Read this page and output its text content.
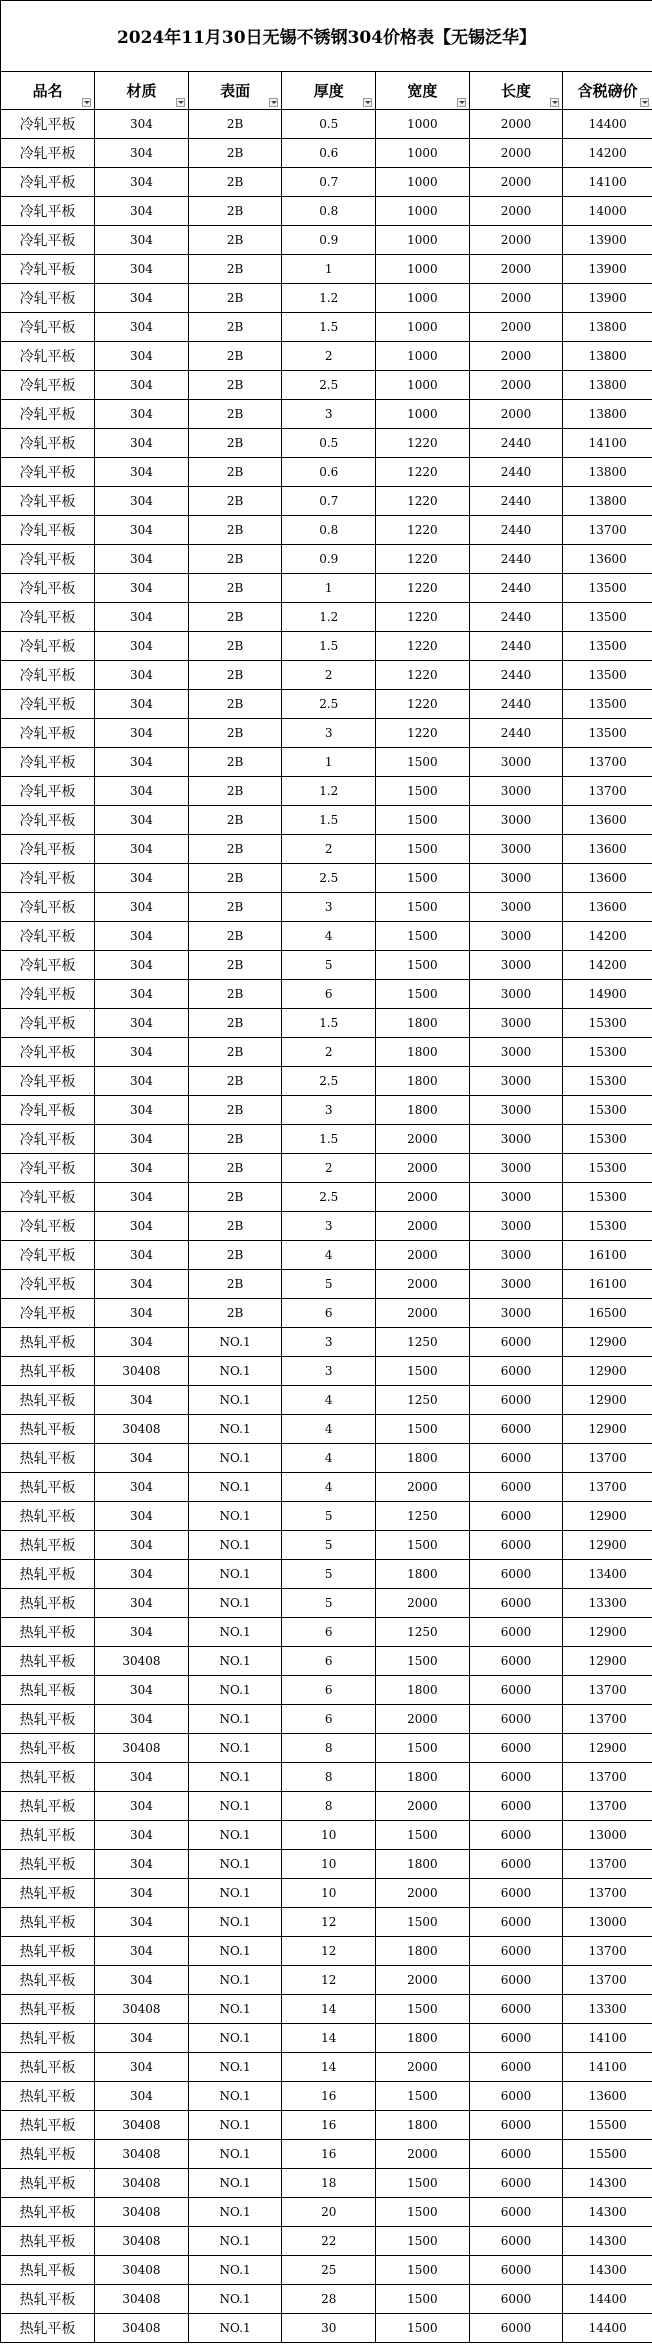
2024年11月30日无锡不锈钢304价格表【无锡泛华】
品名	材质	表面	厚度	宽度	长度	含税磅价

冷轧平板	304	2B	0.5	1000	2000	14400
冷轧平板	304	2B	0.6	1000	2000	14200
冷轧平板	304	2B	0.7	1000	2000	14100
冷轧平板	304	2B	0.8	1000	2000	14000
冷轧平板	304	2B	0.9	1000	2000	13900
冷轧平板	304	2B	1	1000	2000	13900
冷轧平板	304	2B	1.2	1000	2000	13900
冷轧平板	304	2B	1.5	1000	2000	13800
冷轧平板	304	2B	2	1000	2000	13800
冷轧平板	304	2B	2.5	1000	2000	13800
冷轧平板	304	2B	3	1000	2000	13800
冷轧平板	304	2B	0.5	1220	2440	14100
冷轧平板	304	2B	0.6	1220	2440	13800
冷轧平板	304	2B	0.7	1220	2440	13800
冷轧平板	304	2B	0.8	1220	2440	13700
冷轧平板	304	2B	0.9	1220	2440	13600
冷轧平板	304	2B	1	1220	2440	13500
冷轧平板	304	2B	1.2	1220	2440	13500
冷轧平板	304	2B	1.5	1220	2440	13500
冷轧平板	304	2B	2	1220	2440	13500
冷轧平板	304	2B	2.5	1220	2440	13500
冷轧平板	304	2B	3	1220	2440	13500
冷轧平板	304	2B	1	1500	3000	13700
冷轧平板	304	2B	1.2	1500	3000	13700
冷轧平板	304	2B	1.5	1500	3000	13600
冷轧平板	304	2B	2	1500	3000	13600
冷轧平板	304	2B	2.5	1500	3000	13600
冷轧平板	304	2B	3	1500	3000	13600
冷轧平板	304	2B	4	1500	3000	14200
冷轧平板	304	2B	5	1500	3000	14200
冷轧平板	304	2B	6	1500	3000	14900
冷轧平板	304	2B	1.5	1800	3000	15300
冷轧平板	304	2B	2	1800	3000	15300
冷轧平板	304	2B	2.5	1800	3000	15300
冷轧平板	304	2B	3	1800	3000	15300
冷轧平板	304	2B	1.5	2000	3000	15300
冷轧平板	304	2B	2	2000	3000	15300
冷轧平板	304	2B	2.5	2000	3000	15300
冷轧平板	304	2B	3	2000	3000	15300
冷轧平板	304	2B	4	2000	3000	16100
冷轧平板	304	2B	5	2000	3000	16100
冷轧平板	304	2B	6	2000	3000	16500
热轧平板	304	NO.1	3	1250	6000	12900
热轧平板	30408	NO.1	3	1500	6000	12900
热轧平板	304	NO.1	4	1250	6000	12900
热轧平板	30408	NO.1	4	1500	6000	12900
热轧平板	304	NO.1	4	1800	6000	13700
热轧平板	304	NO.1	4	2000	6000	13700
热轧平板	304	NO.1	5	1250	6000	12900
热轧平板	304	NO.1	5	1500	6000	12900
热轧平板	304	NO.1	5	1800	6000	13400
热轧平板	304	NO.1	5	2000	6000	13300
热轧平板	304	NO.1	6	1250	6000	12900
热轧平板	30408	NO.1	6	1500	6000	12900
热轧平板	304	NO.1	6	1800	6000	13700
热轧平板	304	NO.1	6	2000	6000	13700
热轧平板	30408	NO.1	8	1500	6000	12900
热轧平板	304	NO.1	8	1800	6000	13700
热轧平板	304	NO.1	8	2000	6000	13700
热轧平板	304	NO.1	10	1500	6000	13000
热轧平板	304	NO.1	10	1800	6000	13700
热轧平板	304	NO.1	10	2000	6000	13700
热轧平板	304	NO.1	12	1500	6000	13000
热轧平板	304	NO.1	12	1800	6000	13700
热轧平板	304	NO.1	12	2000	6000	13700
热轧平板	30408	NO.1	14	1500	6000	13300
热轧平板	304	NO.1	14	1800	6000	14100
热轧平板	304	NO.1	14	2000	6000	14100
热轧平板	304	NO.1	16	1500	6000	13600
热轧平板	30408	NO.1	16	1800	6000	15500
热轧平板	30408	NO.1	16	2000	6000	15500
热轧平板	30408	NO.1	18	1500	6000	14300
热轧平板	30408	NO.1	20	1500	6000	14300
热轧平板	30408	NO.1	22	1500	6000	14300
热轧平板	30408	NO.1	25	1500	6000	14300
热轧平板	30408	NO.1	28	1500	6000	14400
热轧平板	30408	NO.1	30	1500	6000	14400
